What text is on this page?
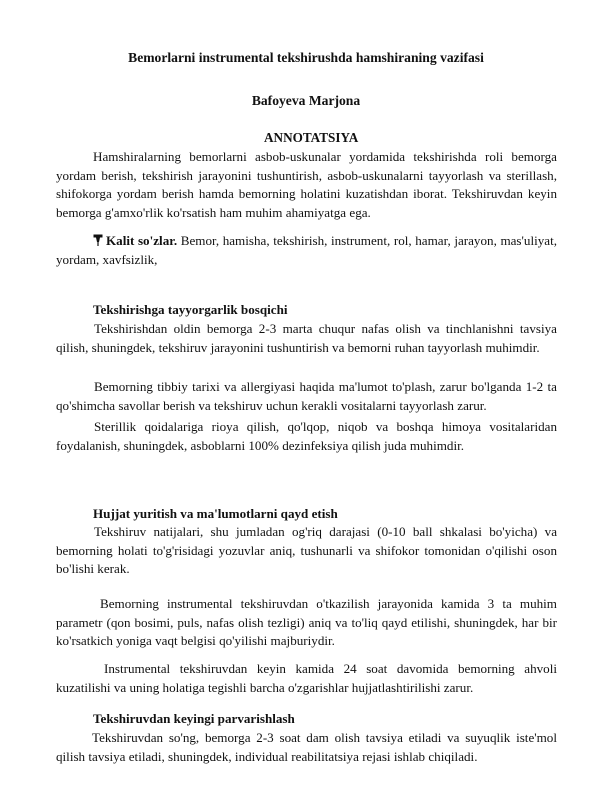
Bemorlarni instrumental tekshirushda hamshiraning vazifasi
Bafoyeva Marjona
ANNOTATSIYA

Hamshiralarning bemorlarni asbob-uskunalar yordamida tekshirishda roli bemorga yordam berish, tekshirish jarayonini tushuntirish, asbob-uskunalarni tayyorlash va sterillash, shifokorga yordam berish hamda bemorning holatini kuzatishdan iborat. Tekshiruvdan keyin bemorga g'amxo'rlik ko'rsatish ham muhim ahamiyatga ega.

Kalit so'zlar. Bemor, hamisha, tekshirish, instrument, rol, hamar, jarayon, mas'uliyat, yordam, xavfsizlik,

Tekshirishga tayyorgarlik bosqichi

Tekshirishdan oldin bemorga 2-3 marta chuqur nafas olish va tinchlanishni tavsiya qilish, shuningdek, tekshiruv jarayonini tushuntirish va bemorni ruhan tayyorlash muhimdir.

Bemorning tibbiy tarixi va allergiyasi haqida ma'lumot to'plash, zarur bo'lganda 1-2 ta qo'shimcha savollar berish va tekshiruv uchun kerakli vositalarni tayyorlash zarur.

Sterillik qoidalariga rioya qilish, qo'lqop, niqob va boshqa himoya vositalaridan foydalanish, shuningdek, asboblarni 100% dezinfeksiya qilish juda muhimdir.

Hujjat yuritish va ma'lumotlarni qayd etish

Tekshiruv natijalari, shu jumladan og'riq darajasi (0-10 ball shkalasi bo'yicha) va bemorning holati to'g'risidagi yozuvlar aniq, tushunarli va shifokor tomonidan o'qilishi oson bo'lishi kerak.

Bemorning instrumental tekshiruvdan o'tkazilish jarayonida kamida 3 ta muhim parametr (qon bosimi, puls, nafas olish tezligi) aniq va to'liq qayd etilishi, shuningdek, har bir ko'rsatkich yoniga vaqt belgisi qo'yilishi majburiydir.

Instrumental tekshiruvdan keyin kamida 24 soat davomida bemorning ahvoli kuzatilishi va uning holatiga tegishli barcha o'zgarishlar hujjatlashtirilishi zarur.

Tekshiruvdan keyingi parvarishlash

Tekshiruvdan so'ng, bemorga 2-3 soat dam olish tavsiya etiladi va suyuqlik iste'mol qilish tavsiya etiladi, shuningdek, individual reabilitatsiya rejasi ishlab chiqiladi.
